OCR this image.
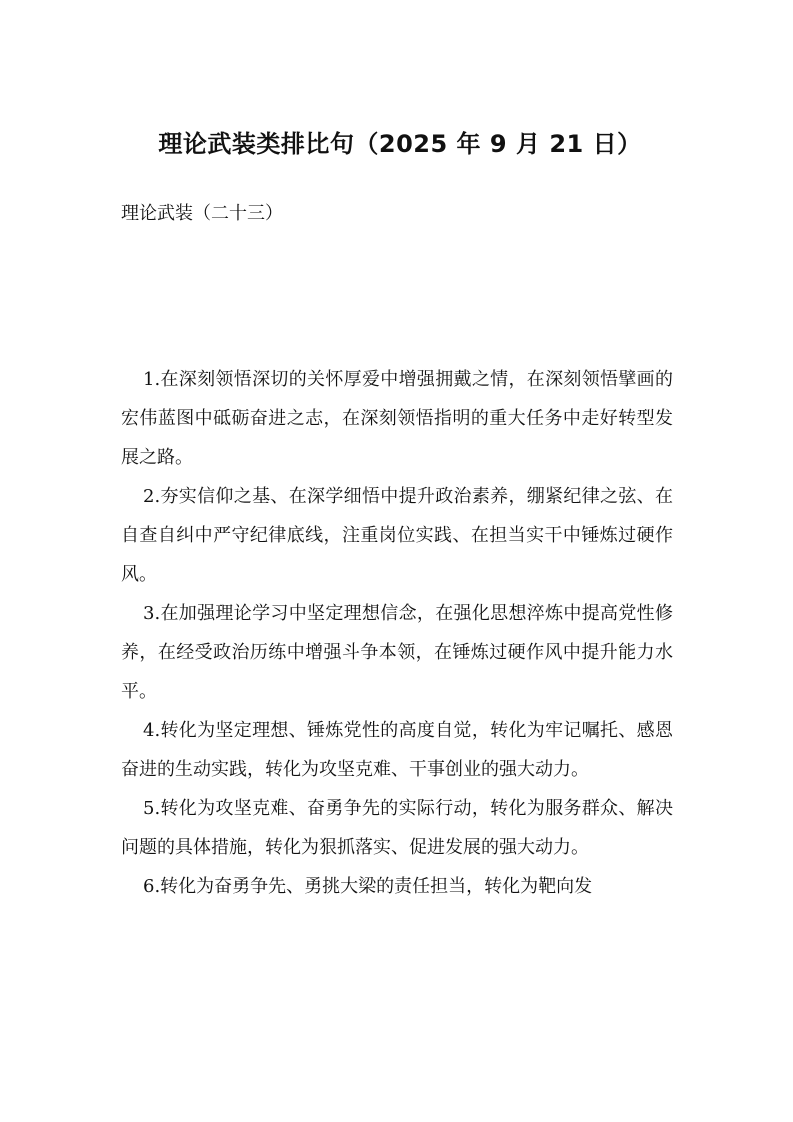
理论武装类排比句（2025 年 9 月 21 日）
理论武装（二十三）

1.在深刻领悟深切的关怀厚爱中增强拥戴之情，在深刻领悟擘画的宏伟蓝图中砥砺奋进之志，在深刻领悟指明的重大任务中走好转型发展之路。

2.夯实信仰之基、在深学细悟中提升政治素养，绷紧纪律之弦、在自查自纠中严守纪律底线，注重岗位实践、在担当实干中锤炼过硬作风。

3.在加强理论学习中坚定理想信念，在强化思想淬炼中提高党性修养，在经受政治历练中增强斗争本领，在锤炼过硬作风中提升能力水平。

4.转化为坚定理想、锤炼党性的高度自觉，转化为牢记嘱托、感恩奋进的生动实践，转化为攻坚克难、干事创业的强大动力。

5.转化为攻坚克难、奋勇争先的实际行动，转化为服务群众、解决问题的具体措施，转化为狠抓落实、促进发展的强大动力。

6.转化为奋勇争先、勇挑大梁的责任担当，转化为靶向发
